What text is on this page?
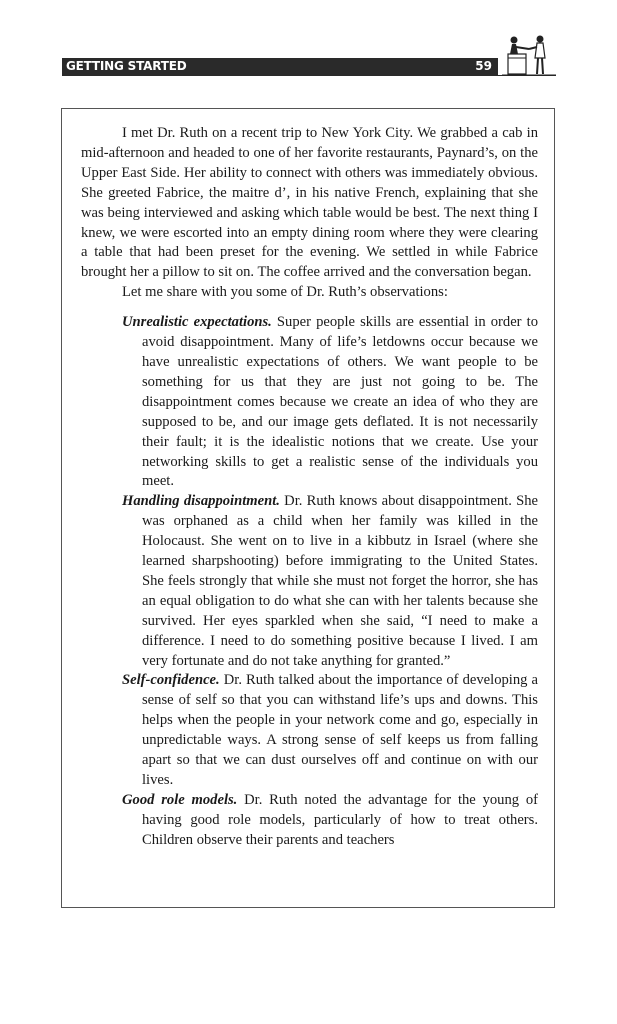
GETTING STARTED	59

I met Dr. Ruth on a recent trip to New York City. We grabbed a cab in mid-afternoon and headed to one of her favorite restaurants, Paynard’s, on the Upper East Side. Her ability to connect with others was immediately obvious. She greeted Fabrice, the maitre d’, in his native French, explaining that she was being interviewed and asking which table would be best. The next thing I knew, we were escorted into an empty dining room where they were clearing a table that had been preset for the evening. We settled in while Fabrice brought her a pillow to sit on. The coffee arrived and the conversation began.

Let me share with you some of Dr. Ruth’s observations:

Unrealistic expectations. Super people skills are essential in order to avoid disappointment. Many of life’s letdowns occur because we have unrealistic expectations of others. We want people to be something for us that they are just not going to be. The disappointment comes because we create an idea of who they are supposed to be, and our image gets deflated. It is not necessarily their fault; it is the idealistic notions that we create. Use your networking skills to get a realistic sense of the individuals you meet.
Handling disappointment. Dr. Ruth knows about disappointment. She was orphaned as a child when her family was killed in the Holocaust. She went on to live in a kibbutz in Israel (where she learned sharpshooting) before immigrating to the United States. She feels strongly that while she must not forget the horror, she has an equal obligation to do what she can with her talents because she survived. Her eyes sparkled when she said, “I need to make a difference. I need to do something positive because I lived. I am very fortunate and do not take anything for granted.”
Self-confidence. Dr. Ruth talked about the importance of developing a sense of self so that you can withstand life’s ups and downs. This helps when the people in your network come and go, especially in unpredictable ways. A strong sense of self keeps us from falling apart so that we can dust ourselves off and continue on with our lives.
Good role models. Dr. Ruth noted the advantage for the young of having good role models, particularly of how to treat others. Children observe their parents and teachers
